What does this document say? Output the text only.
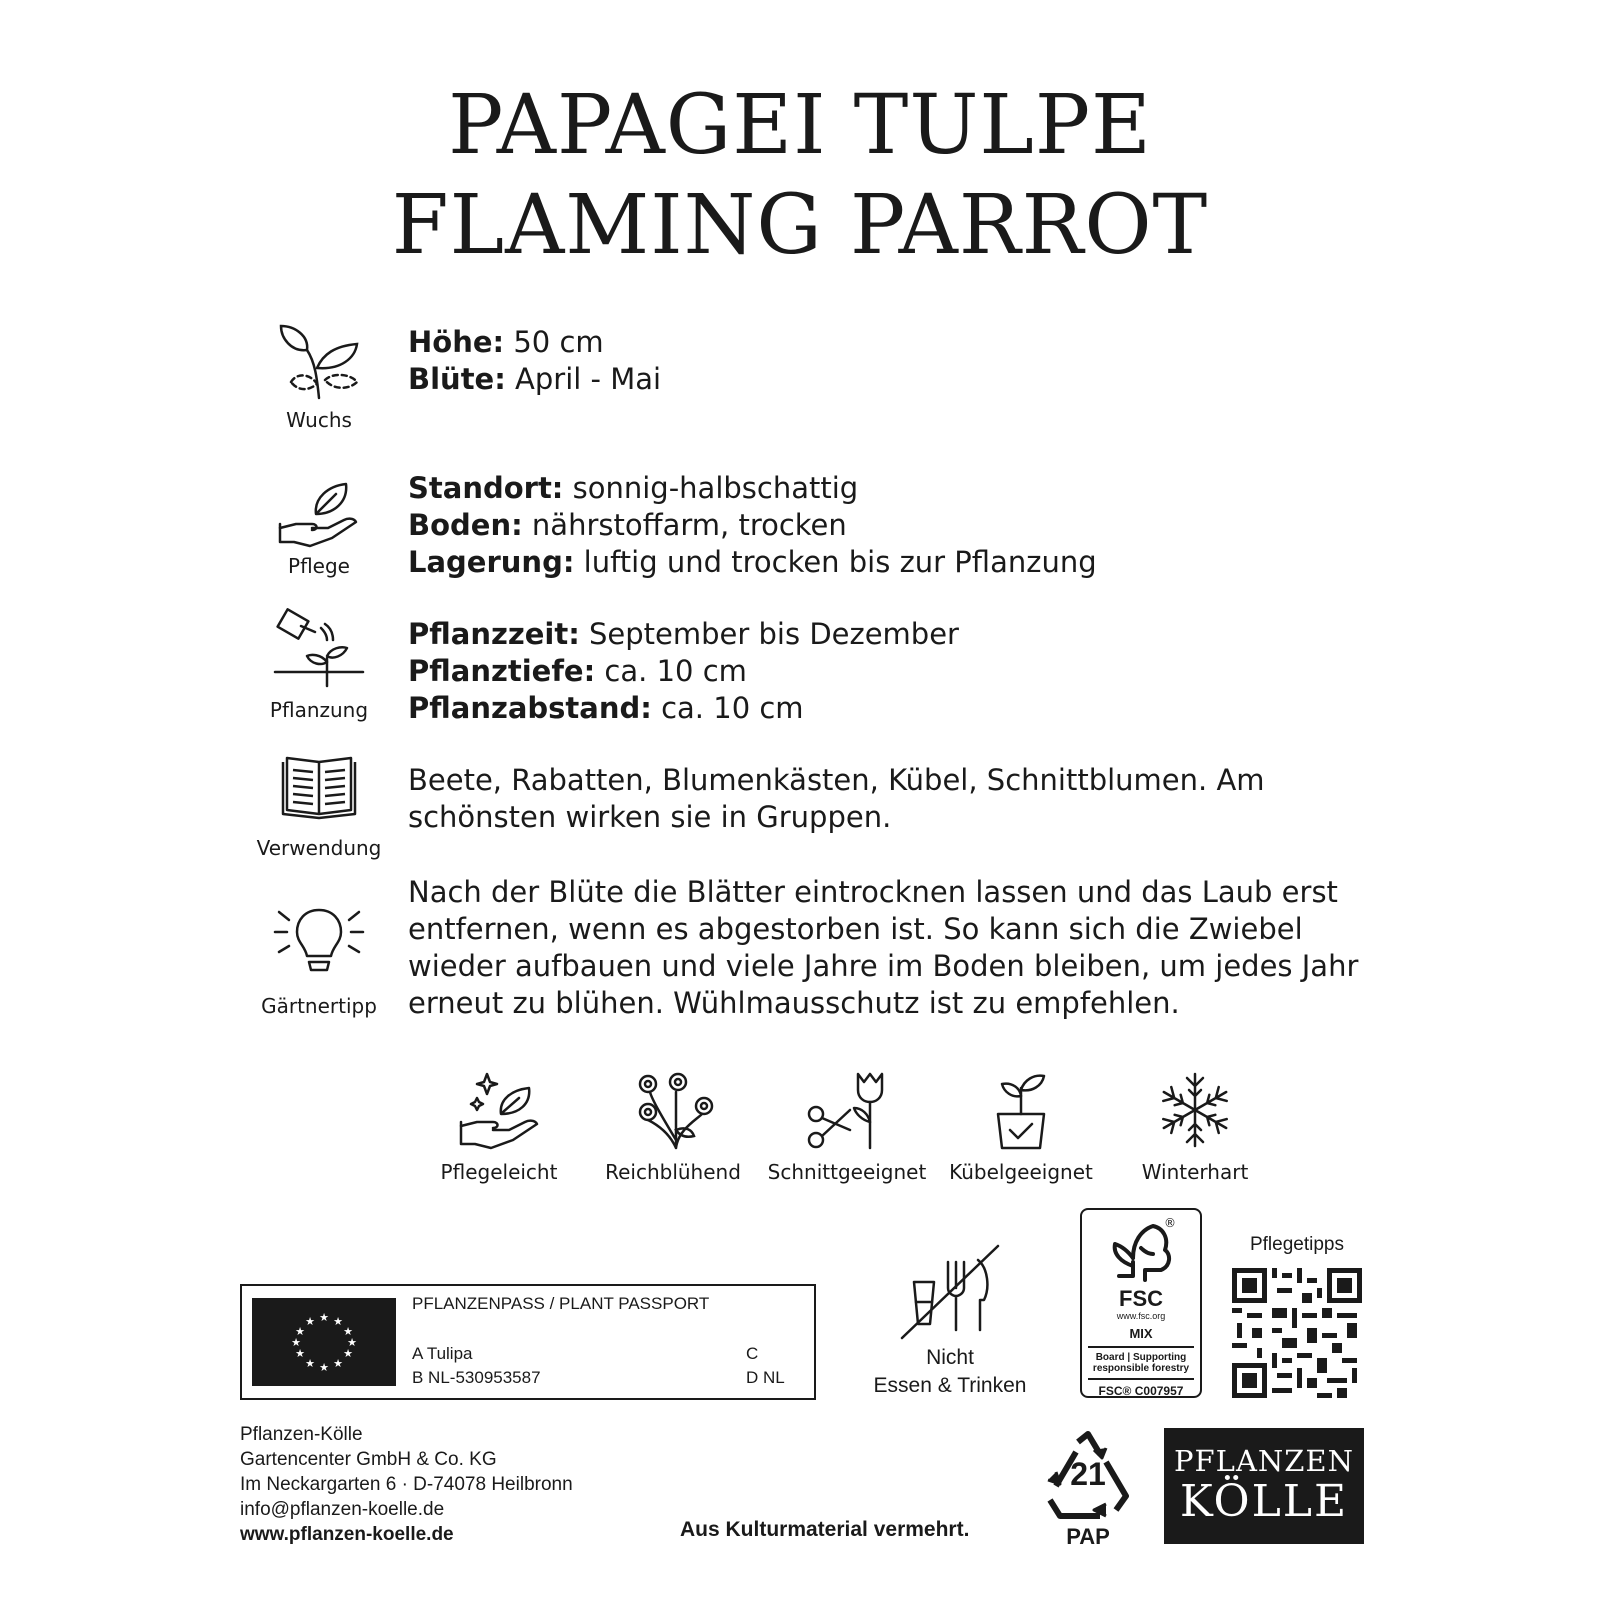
PAPAGEI TULPE
FLAMING PARROT
Wuchs
Höhe: 50 cm
Blüte: April - Mai
Pflege
Standort: sonnig-halbschattig
Boden: nährstoffarm, trocken
Lagerung: luftig und trocken bis zur Pflanzung
Pflanzung
Pflanzzeit: September bis Dezember
Pflanztiefe: ca. 10 cm
Pflanzabstand: ca. 10 cm
Verwendung
Beete, Rabatten, Blumenkästen, Kübel, Schnittblumen. Am
schönsten wirken sie in Gruppen.
Gärtnertipp
Nach der Blüte die Blätter eintrocknen lassen und das Laub erst
entfernen, wenn es abgestorben ist. So kann sich die Zwiebel
wieder aufbauen und viele Jahre im Boden bleiben, um jedes Jahr
erneut zu blühen. Wühlmausschutz ist zu empfehlen.
Pflegeleicht	Reichblühend	Schnittgeeignet	Kübelgeeignet	Winterhart
★ ★
★
★
★
★
★
★
★
★
★
★
PFLANZENPASS / PLANT PASSPORT
A Tulipa
B NL-530953587
C
D NL
Nicht
Essen & Trinken
®
FSC
www.fsc.org
MIX
Board | Supporting
responsible forestry
FSC® C007957
Pflegetipps
Pflanzen-Kölle
Gartencenter GmbH & Co. KG
Im Neckargarten 6 · D-74078 Heilbronn
info@pflanzen-koelle.de
www.pflanzen-koelle.de	Aus Kulturmaterial vermehrt.
21
PAP
PFLANZEN
KÖLLE
